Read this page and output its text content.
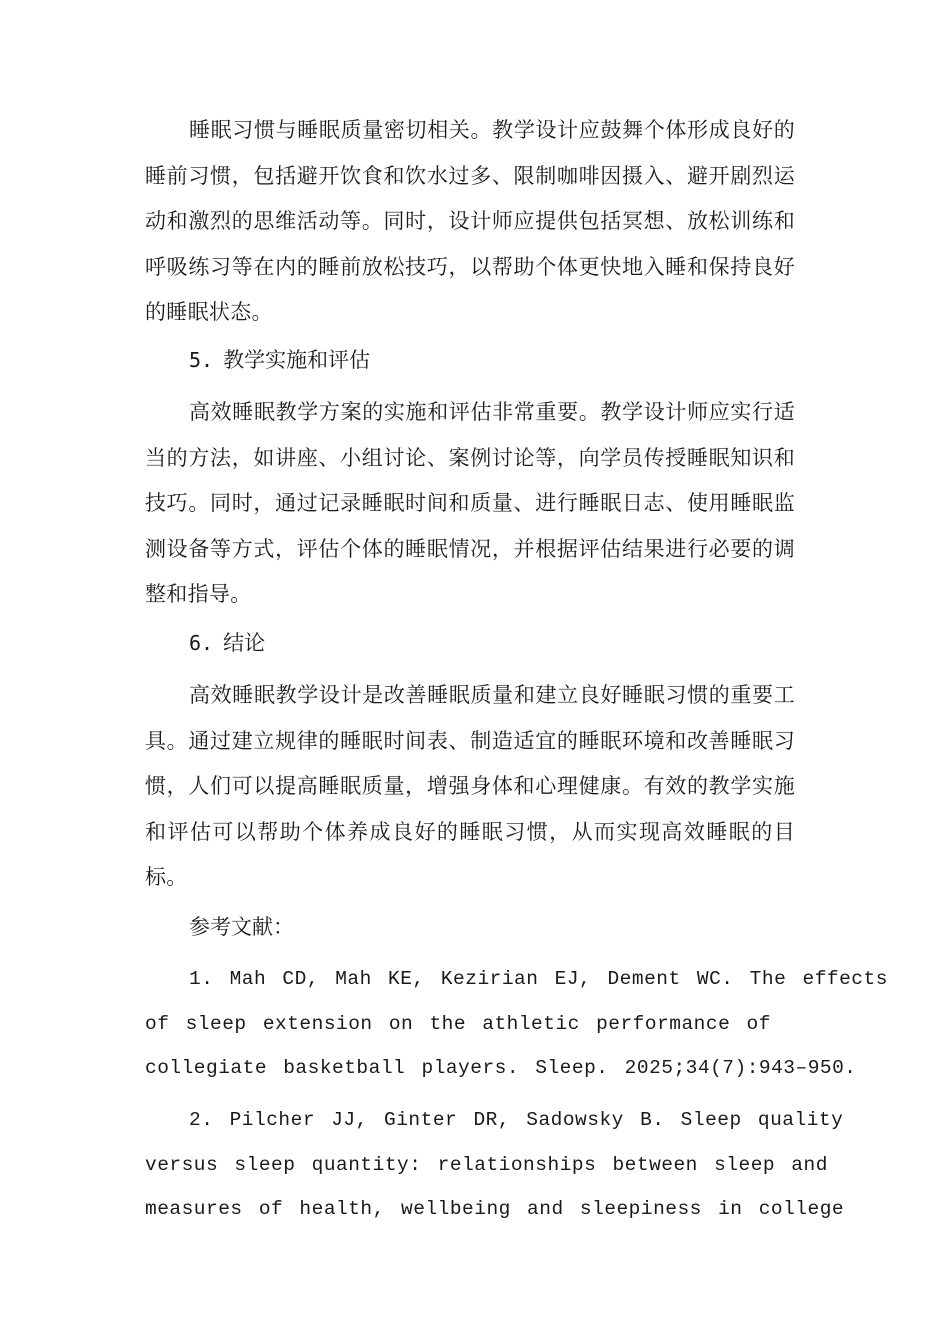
睡眠习惯与睡眠质量密切相关。教学设计应鼓舞个体形成良好的睡前习惯，包括避开饮食和饮水过多、限制咖啡因摄入、避开剧烈运动和激烈的思维活动等。同时，设计师应提供包括冥想、放松训练和呼吸练习等在内的睡前放松技巧，以帮助个体更快地入睡和保持良好的睡眠状态。

5. 教学实施和评估

高效睡眠教学方案的实施和评估非常重要。教学设计师应实行适当的方法，如讲座、小组讨论、案例讨论等，向学员传授睡眠知识和技巧。同时，通过记录睡眠时间和质量、进行睡眠日志、使用睡眠监测设备等方式，评估个体的睡眠情况，并根据评估结果进行必要的调整和指导。

6. 结论

高效睡眠教学设计是改善睡眠质量和建立良好睡眠习惯的重要工具。通过建立规律的睡眠时间表、制造适宜的睡眠环境和改善睡眠习惯，人们可以提高睡眠质量，增强身体和心理健康。有效的教学实施和评估可以帮助个体养成良好的睡眠习惯，从而实现高效睡眠的目标。

参考文献：

1. Mah CD, Mah KE, Kezirian EJ, Dement WC. The effects
of sleep extension on the athletic performance of
collegiate basketball players. Sleep. 2025;34(7):943–950.
2. Pilcher JJ, Ginter DR, Sadowsky B. Sleep quality
versus sleep quantity: relationships between sleep and
measures of health, wellbeing and sleepiness in college
